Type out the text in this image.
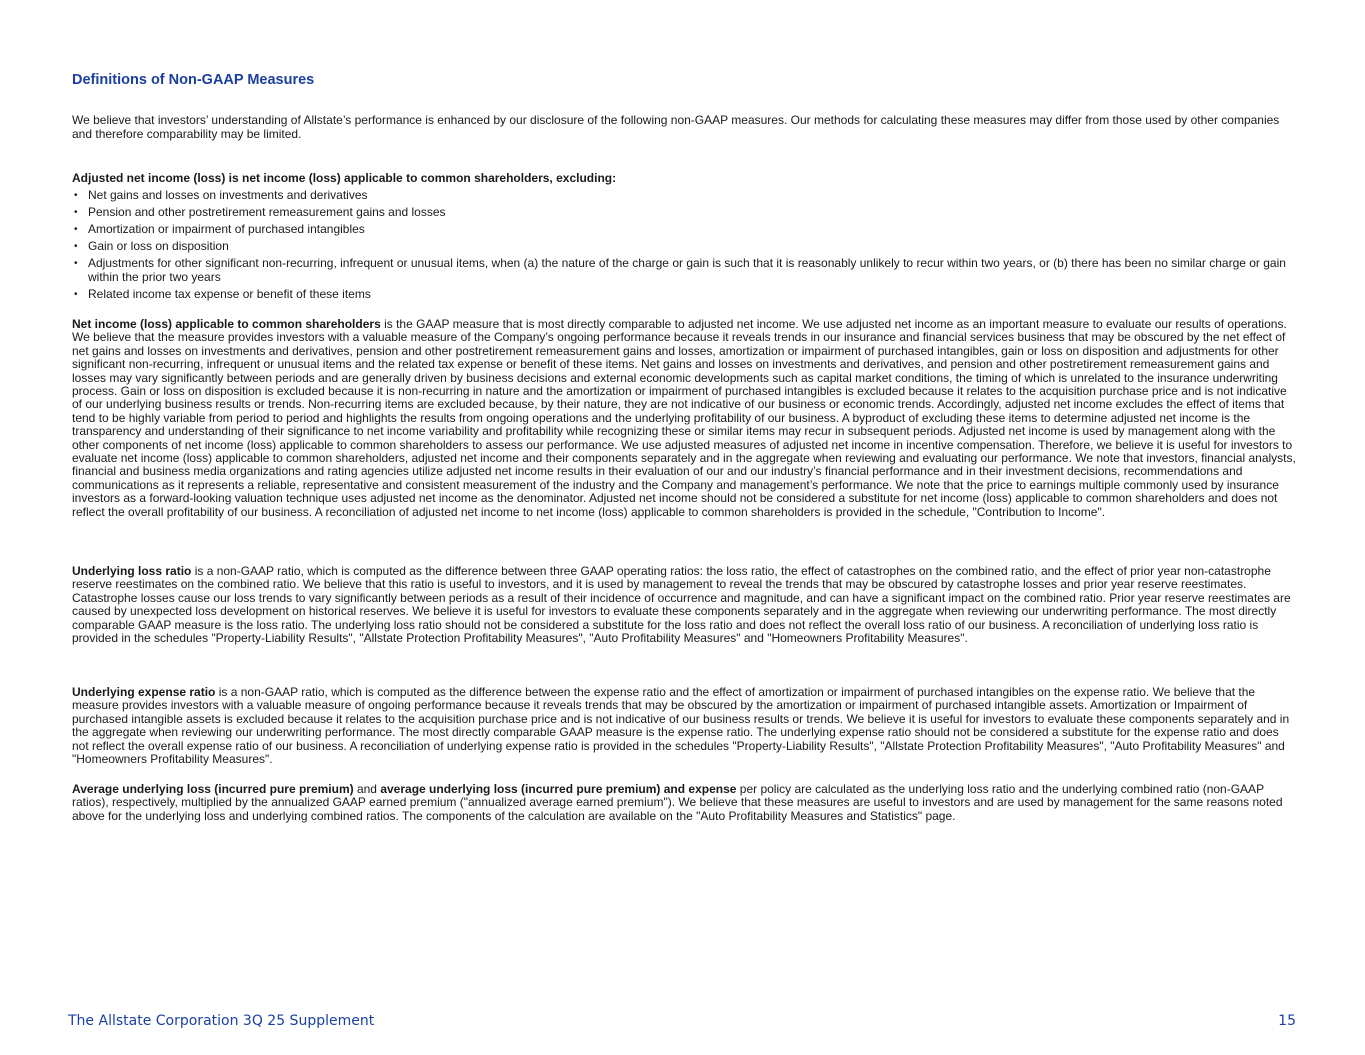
Definitions of Non-GAAP Measures

We believe that investors’ understanding of Allstate’s performance is enhanced by our disclosure of the following non-GAAP measures. Our methods for calculating these measures may differ from those used by other companies and therefore comparability may be limited.

Adjusted net income (loss) is net income (loss) applicable to common shareholders, excluding:

• Net gains and losses on investments and derivatives
• Pension and other postretirement remeasurement gains and losses
• Amortization or impairment of purchased intangibles
• Gain or loss on disposition
• Adjustments for other significant non-recurring, infrequent or unusual items, when (a) the nature of the charge or gain is such that it is reasonably unlikely to recur within two years, or (b) there has been no similar charge or gain within the prior two years
• Related income tax expense or benefit of these items

Net income (loss) applicable to common shareholders is the GAAP measure that is most directly comparable to adjusted net income. We use adjusted net income as an important measure to evaluate our results of operations. We believe that the measure provides investors with a valuable measure of the Company’s ongoing performance because it reveals trends in our insurance and financial services business that may be obscured by the net effect of net gains and losses on investments and derivatives, pension and other postretirement remeasurement gains and losses, amortization or impairment of purchased intangibles, gain or loss on disposition and adjustments for other significant non-recurring, infrequent or unusual items and the related tax expense or benefit of these items. Net gains and losses on investments and derivatives, and pension and other postretirement remeasurement gains and losses may vary significantly between periods and are generally driven by business decisions and external economic developments such as capital market conditions, the timing of which is unrelated to the insurance underwriting process. Gain or loss on disposition is excluded because it is non-recurring in nature and the amortization or impairment of purchased intangibles is excluded because it relates to the acquisition purchase price and is not indicative of our underlying business results or trends. Non-recurring items are excluded because, by their nature, they are not indicative of our business or economic trends. Accordingly, adjusted net income excludes the effect of items that tend to be highly variable from period to period and highlights the results from ongoing operations and the underlying profitability of our business. A byproduct of excluding these items to determine adjusted net income is the transparency and understanding of their significance to net income variability and profitability while recognizing these or similar items may recur in subsequent periods. Adjusted net income is used by management along with the other components of net income (loss) applicable to common shareholders to assess our performance. We use adjusted measures of adjusted net income in incentive compensation. Therefore, we believe it is useful for investors to evaluate net income (loss) applicable to common shareholders, adjusted net income and their components separately and in the aggregate when reviewing and evaluating our performance. We note that investors, financial analysts, financial and business media organizations and rating agencies utilize adjusted net income results in their evaluation of our and our industry’s financial performance and in their investment decisions, recommendations and communications as it represents a reliable, representative and consistent measurement of the industry and the Company and management’s performance. We note that the price to earnings multiple commonly used by insurance investors as a forward-looking valuation technique uses adjusted net income as the denominator. Adjusted net income should not be considered a substitute for net income (loss) applicable to common shareholders and does not reflect the overall profitability of our business. A reconciliation of adjusted net income to net income (loss) applicable to common shareholders is provided in the schedule, "Contribution to Income".

Underlying loss ratio is a non-GAAP ratio, which is computed as the difference between three GAAP operating ratios: the loss ratio, the effect of catastrophes on the combined ratio, and the effect of prior year non-catastrophe reserve reestimates on the combined ratio. We believe that this ratio is useful to investors, and it is used by management to reveal the trends that may be obscured by catastrophe losses and prior year reserve reestimates. Catastrophe losses cause our loss trends to vary significantly between periods as a result of their incidence of occurrence and magnitude, and can have a significant impact on the combined ratio. Prior year reserve reestimates are caused by unexpected loss development on historical reserves. We believe it is useful for investors to evaluate these components separately and in the aggregate when reviewing our underwriting performance. The most directly comparable GAAP measure is the loss ratio. The underlying loss ratio should not be considered a substitute for the loss ratio and does not reflect the overall loss ratio of our business. A reconciliation of underlying loss ratio is provided in the schedules "Property-Liability Results", "Allstate Protection Profitability Measures", "Auto Profitability Measures" and "Homeowners Profitability Measures".

Underlying expense ratio is a non-GAAP ratio, which is computed as the difference between the expense ratio and the effect of amortization or impairment of purchased intangibles on the expense ratio. We believe that the measure provides investors with a valuable measure of ongoing performance because it reveals trends that may be obscured by the amortization or impairment of purchased intangible assets. Amortization or Impairment of purchased intangible assets is excluded because it relates to the acquisition purchase price and is not indicative of our business results or trends. We believe it is useful for investors to evaluate these components separately and in the aggregate when reviewing our underwriting performance. The most directly comparable GAAP measure is the expense ratio. The underlying expense ratio should not be considered a substitute for the expense ratio and does not reflect the overall expense ratio of our business. A reconciliation of underlying expense ratio is provided in the schedules "Property-Liability Results", "Allstate Protection Profitability Measures", "Auto Profitability Measures" and "Homeowners Profitability Measures".

Average underlying loss (incurred pure premium) and average underlying loss (incurred pure premium) and expense per policy are calculated as the underlying loss ratio and the underlying combined ratio (non-GAAP ratios), respectively, multiplied by the annualized GAAP earned premium ("annualized average earned premium"). We believe that these measures are useful to investors and are used by management for the same reasons noted above for the underlying loss and underlying combined ratios. The components of the calculation are available on the "Auto Profitability Measures and Statistics" page.

The Allstate Corporation 3Q 25 Supplement	15
